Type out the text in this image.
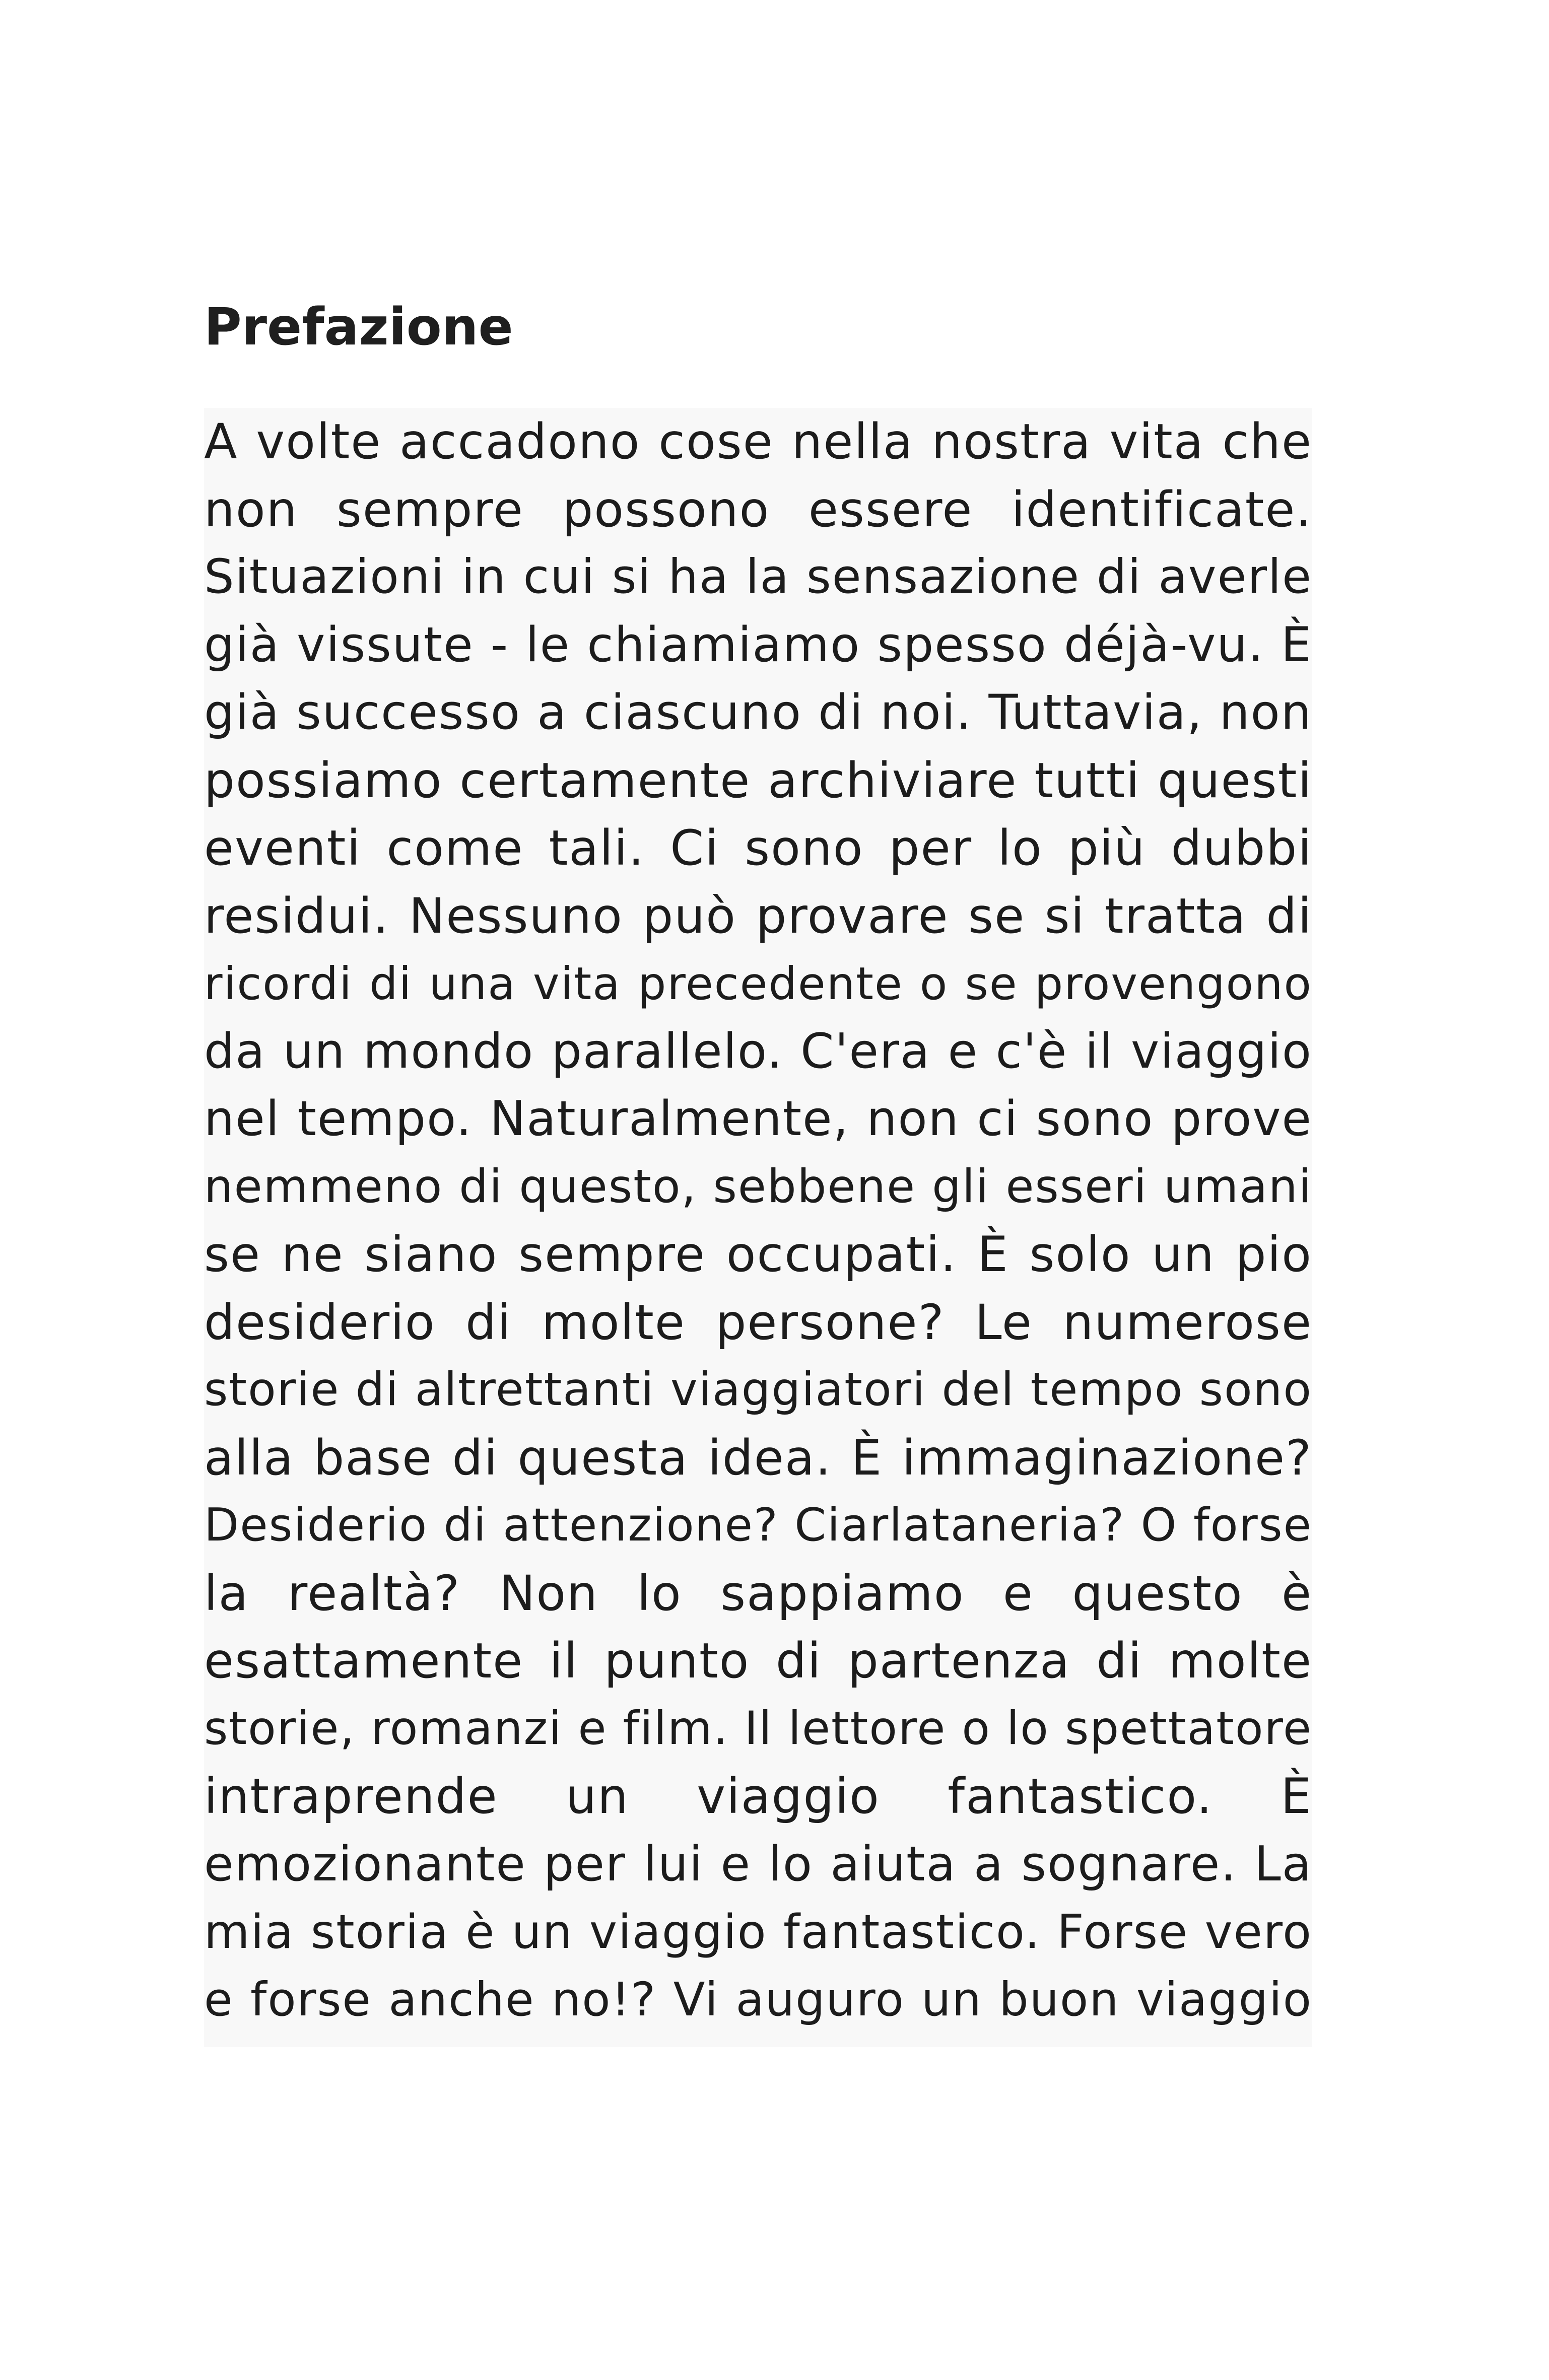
Prefazione
A volte accadono cose nella nostra vita che
non sempre possono essere identificate.
Situazioni in cui si ha la sensazione di averle
già vissute - le chiamiamo spesso déjà-vu. È
già successo a ciascuno di noi. Tuttavia, non
possiamo certamente archiviare tutti questi
eventi come tali. Ci sono per lo più dubbi
residui. Nessuno può provare se si tratta di
ricordi di una vita precedente o se provengono
da un mondo parallelo. C'era e c'è il viaggio
nel tempo. Naturalmente, non ci sono prove
nemmeno di questo, sebbene gli esseri umani
se ne siano sempre occupati. È solo un pio
desiderio di molte persone? Le numerose
storie di altrettanti viaggiatori del tempo sono
alla base di questa idea. È immaginazione?
Desiderio di attenzione? Ciarlataneria? O forse
la realtà? Non lo sappiamo e questo è
esattamente il punto di partenza di molte
storie, romanzi e film. Il lettore o lo spettatore
intraprende un viaggio fantastico. È
emozionante per lui e lo aiuta a sognare. La
mia storia è un viaggio fantastico. Forse vero
e forse anche no!? Vi auguro un buon viaggio
